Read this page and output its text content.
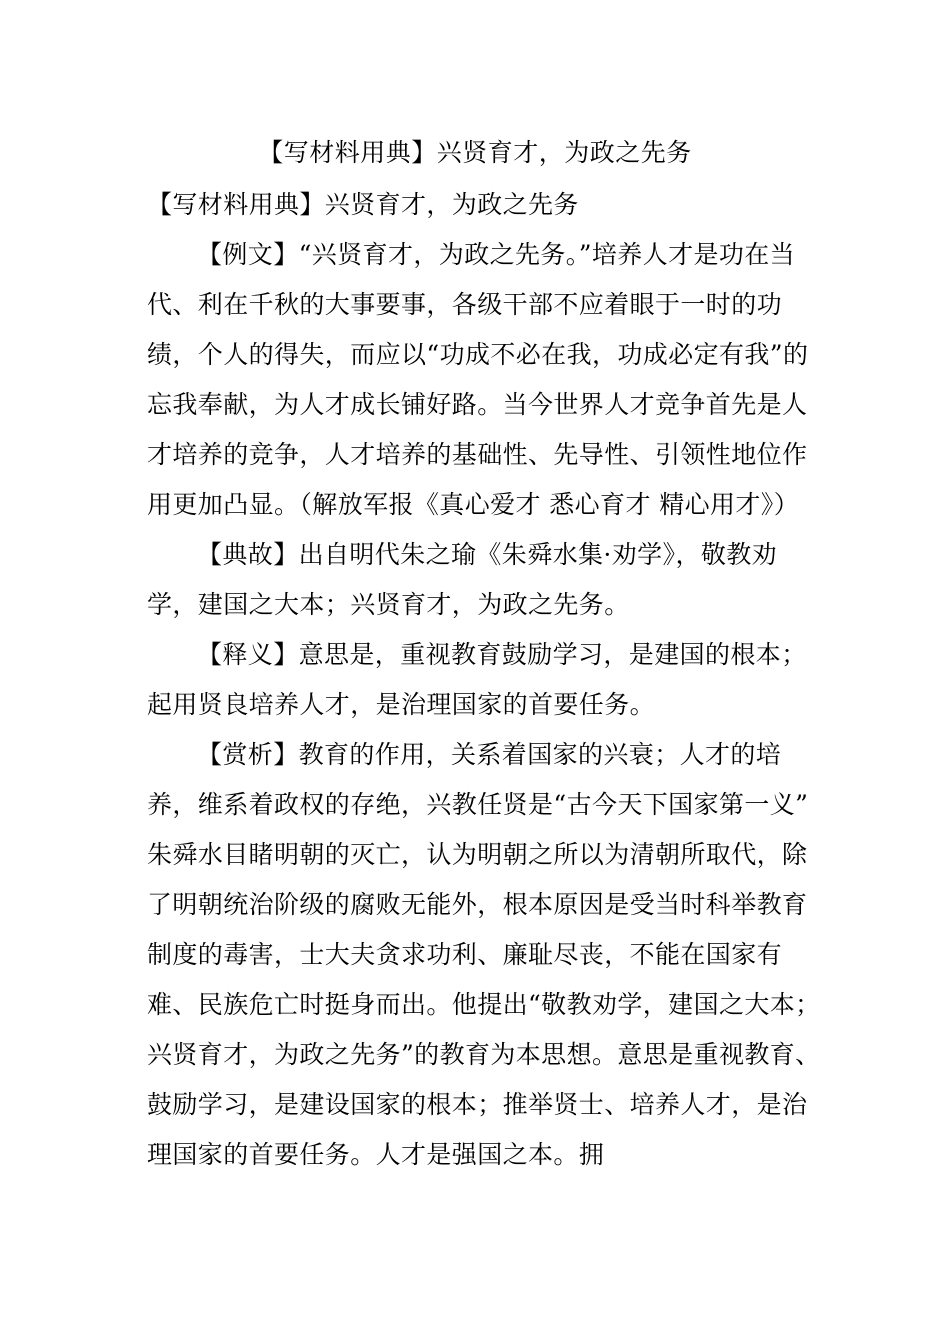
【写材料用典】兴贤育才，为政之先务

【写材料用典】兴贤育才，为政之先务

【例文】“兴贤育才，为政之先务。”培养人才是功在当代、利在千秋的大事要事，各级干部不应着眼于一时的功绩，个人的得失，而应以“功成不必在我，功成必定有我”的忘我奉献，为人才成长铺好路。当今世界人才竞争首先是人才培养的竞争，人才培养的基础性、先导性、引领性地位作用更加凸显。（解放军报《真心爱才 悉心育才 精心用才》）

【典故】出自明代朱之瑜《朱舜水集·劝学》，敬教劝学，建国之大本；兴贤育才，为政之先务。

【释义】意思是，重视教育鼓励学习，是建国的根本；起用贤良培养人才，是治理国家的首要任务。

【赏析】教育的作用，关系着国家的兴衰；人才的培养，维系着政权的存绝，兴教任贤是“古今天下国家第一义” 朱舜水目睹明朝的灭亡，认为明朝之所以为清朝所取代，除了明朝统治阶级的腐败无能外，根本原因是受当时科举教育制度的毒害，士大夫贪求功利、廉耻尽丧，不能在国家有难、民族危亡时挺身而出。他提出“敬教劝学，建国之大本；兴贤育才，为政之先务”的教育为本思想。意思是重视教育、鼓励学习，是建设国家的根本；推举贤士、培养人才，是治理国家的首要任务。人才是强国之本。拥
